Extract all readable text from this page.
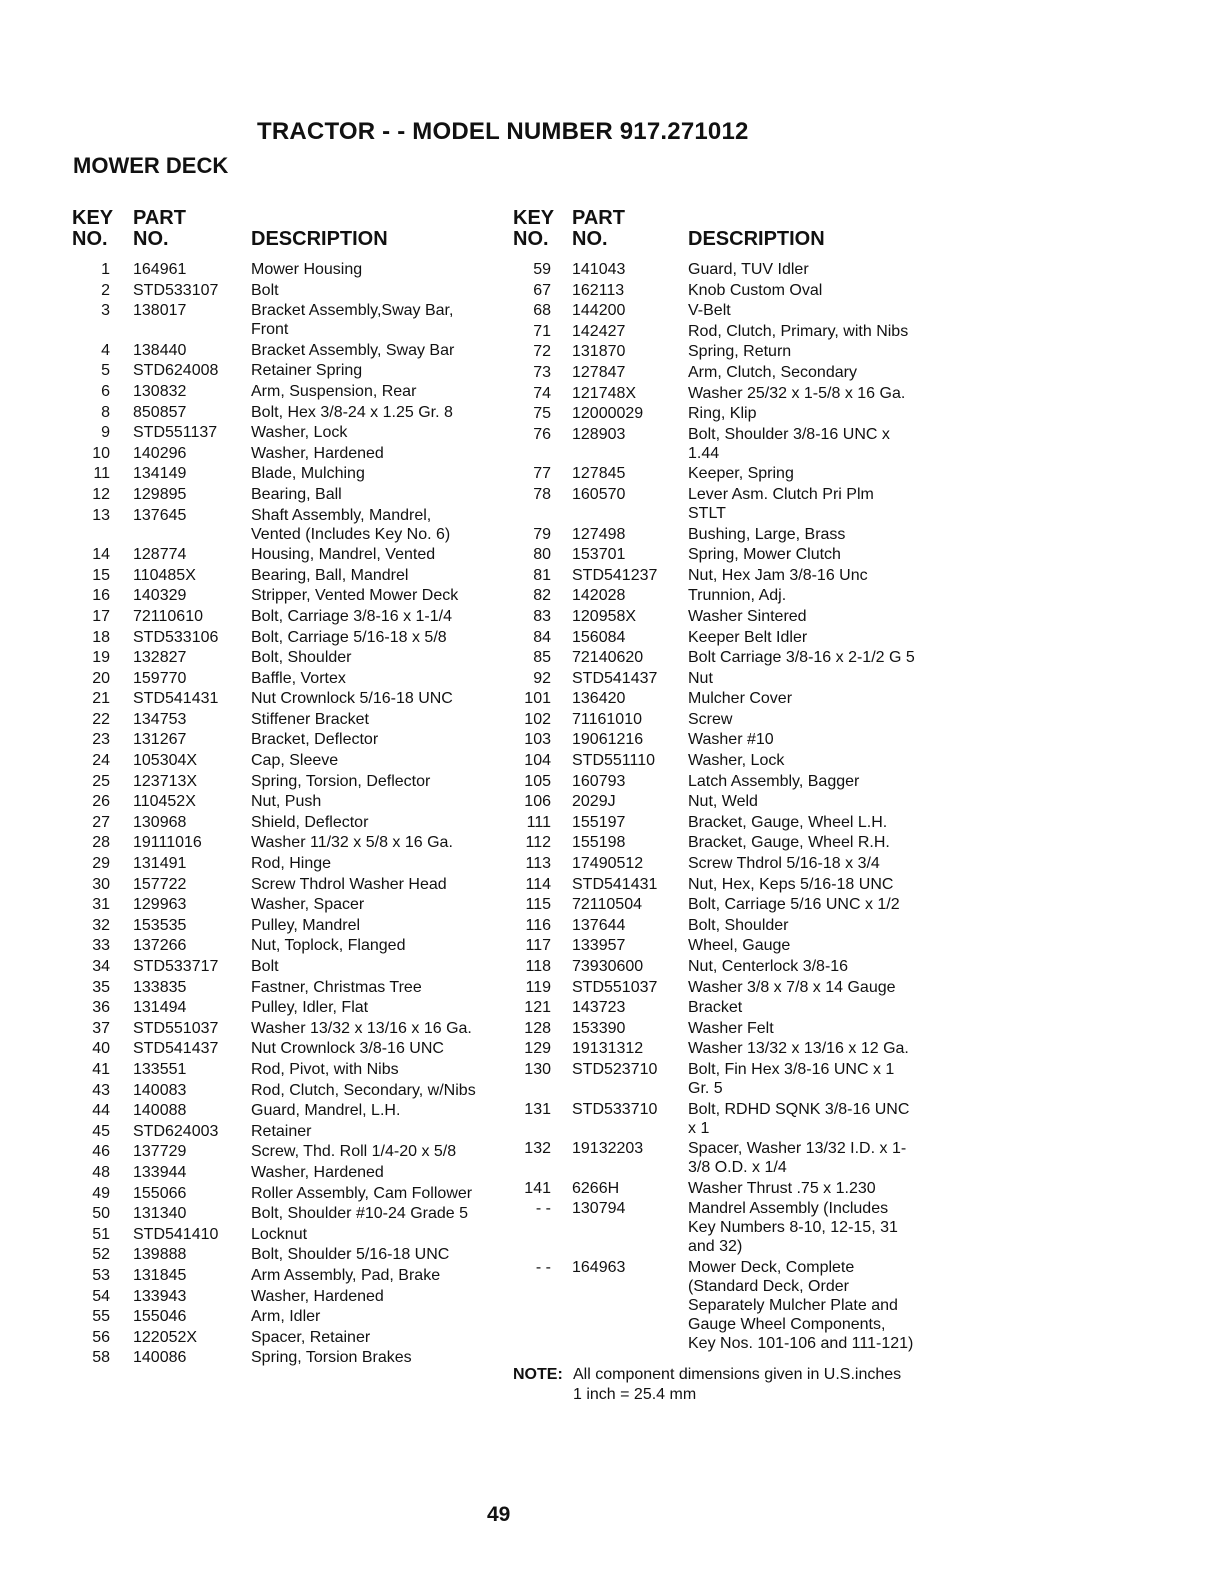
TRACTOR - - MODEL NUMBER 917.271012
MOWER DECK
KEY
NO.
PART
NO.	DESCRIPTION
1 164961	Mower Housing
2 STD533107 Bolt
3 138017	Bracket Assembly,Sway Bar,
Front
4 138440	Bracket Assembly, Sway Bar
5 STD624008 Retainer Spring
6 130832	Arm, Suspension, Rear
8 850857	Bolt, Hex 3/8-24 x 1.25 Gr. 8
9 STD551137 Washer, Lock
10 140296	Washer, Hardened
11 134149	Blade, Mulching
12 129895	Bearing, Ball
13 137645	Shaft Assembly, Mandrel,
Vented (Includes Key No. 6)
14 128774	Housing, Mandrel, Vented
15 110485X	Bearing, Ball, Mandrel
16 140329	Stripper, Vented Mower Deck
17 72110610	Bolt, Carriage 3/8-16 x 1-1/4
18 STD533106 Bolt, Carriage 5/16-18 x 5/8
19 132827	Bolt, Shoulder
20 159770	Baffle, Vortex
21 STD541431 Nut Crownlock 5/16-18 UNC
22 134753	Stiffener Bracket
23 131267	Bracket, Deflector
24 105304X	Cap, Sleeve
25 123713X	Spring, Torsion, Deflector
26 110452X	Nut, Push
27 130968	Shield, Deflector
28 19111016	Washer 11/32 x 5/8 x 16 Ga.
29 131491	Rod, Hinge
30 157722	Screw Thdrol Washer Head
31 129963	Washer, Spacer
32 153535	Pulley, Mandrel
33 137266	Nut, Toplock, Flanged
34 STD533717 Bolt
35 133835	Fastner, Christmas Tree
36 131494	Pulley, Idler, Flat
37 STD551037 Washer 13/32 x 13/16 x 16 Ga.
40 STD541437 Nut Crownlock 3/8-16 UNC
41 133551	Rod, Pivot, with Nibs
43 140083	Rod, Clutch, Secondary, w/Nibs
44 140088	Guard, Mandrel, L.H.
45 STD624003 Retainer
46 137729	Screw, Thd. Roll 1/4-20 x 5/8
48 133944	Washer, Hardened
49 155066	Roller Assembly, Cam Follower
50 131340	Bolt, Shoulder #10-24 Grade 5
51 STD541410 Locknut
52 139888	Bolt, Shoulder 5/16-18 UNC
53 131845	Arm Assembly, Pad, Brake
54 133943	Washer, Hardened
55 155046	Arm, Idler
56 122052X	Spacer, Retainer
58 140086	Spring, Torsion Brakes
KEY
NO.
PART
NO.	DESCRIPTION
59 141043	Guard, TUV Idler
67 162113	Knob Custom Oval
68 144200	V-Belt
71 142427	Rod, Clutch, Primary, with Nibs
72 131870	Spring, Return
73 127847	Arm, Clutch, Secondary
74 121748X	Washer 25/32 x 1-5/8 x 16 Ga.
75 12000029	Ring, Klip
76 128903	Bolt, Shoulder 3/8-16 UNC x
1.44
77 127845	Keeper, Spring
78 160570	Lever Asm. Clutch Pri Plm
STLT
79 127498	Bushing, Large, Brass
80 153701	Spring, Mower Clutch
81 STD541237 Nut, Hex Jam 3/8-16 Unc
82 142028	Trunnion, Adj.
83 120958X	Washer Sintered
84 156084	Keeper Belt Idler
85 72140620	Bolt Carriage 3/8-16 x 2-1/2 G 5
92 STD541437 Nut
101 136420	Mulcher Cover
102 71161010	Screw
103 19061216	Washer #10
104 STD551110 Washer, Lock
105 160793	Latch Assembly, Bagger
106 2029J	Nut, Weld
111 155197	Bracket, Gauge, Wheel L.H.
112 155198	Bracket, Gauge, Wheel R.H.
113 17490512	Screw Thdrol 5/16-18 x 3/4
114 STD541431 Nut, Hex, Keps 5/16-18 UNC
115 72110504	Bolt, Carriage 5/16 UNC x 1/2
116 137644	Bolt, Shoulder
117 133957	Wheel, Gauge
118 73930600	Nut, Centerlock 3/8-16
119 STD551037 Washer 3/8 x 7/8 x 14 Gauge
121 143723	Bracket
128 153390	Washer Felt
129 19131312	Washer 13/32 x 13/16 x 12 Ga.
130 STD523710 Bolt, Fin Hex 3/8-16 UNC x 1
Gr. 5
131 STD533710 Bolt, RDHD SQNK 3/8-16 UNC
x 1
132 19132203	Spacer, Washer 13/32 I.D. x 1-
3/8 O.D. x 1/4
141 6266H	Washer Thrust .75 x 1.230
- - 130794	Mandrel Assembly (Includes
Key Numbers 8-10, 12-15, 31
and 32)
- - 164963	Mower Deck, Complete
(Standard Deck, Order
Separately Mulcher Plate and
Gauge Wheel Components,
Key Nos. 101-106 and 111-121)
NOTE: All component dimensions given in U.S.inches
1 inch = 25.4 mm
49
